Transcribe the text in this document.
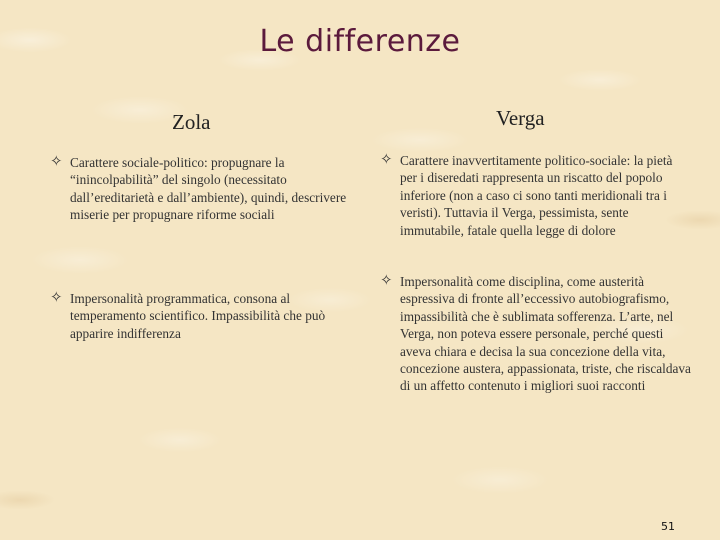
Le differenze
Zola	Verga
✧ Carattere sociale-politico: propugnare la “inincolpabilità” del singolo (necessitato dall’ereditarietà e dall’ambiente), quindi, descrivere miserie per propugnare riforme sociali
✧ Impersonalità programmatica, consona al temperamento scientifico. Impassibilità che può apparire indifferenza
✧ Carattere inavvertitamente politico-sociale: la pietà per i diseredati rappresenta un riscatto del popolo inferiore (non a caso ci sono tanti meridionali tra i veristi). Tuttavia il Verga, pessimista, sente immutabile, fatale quella legge di dolore
✧ Impersonalità come disciplina, come austerità espressiva di fronte all’eccessivo autobiografismo, impassibilità che è sublimata sofferenza. L’arte, nel Verga, non poteva essere personale, perché questi aveva chiara e decisa la sua concezione della vita, concezione austera, appassionata, triste, che riscaldava di un affetto contenuto i migliori suoi racconti
51
